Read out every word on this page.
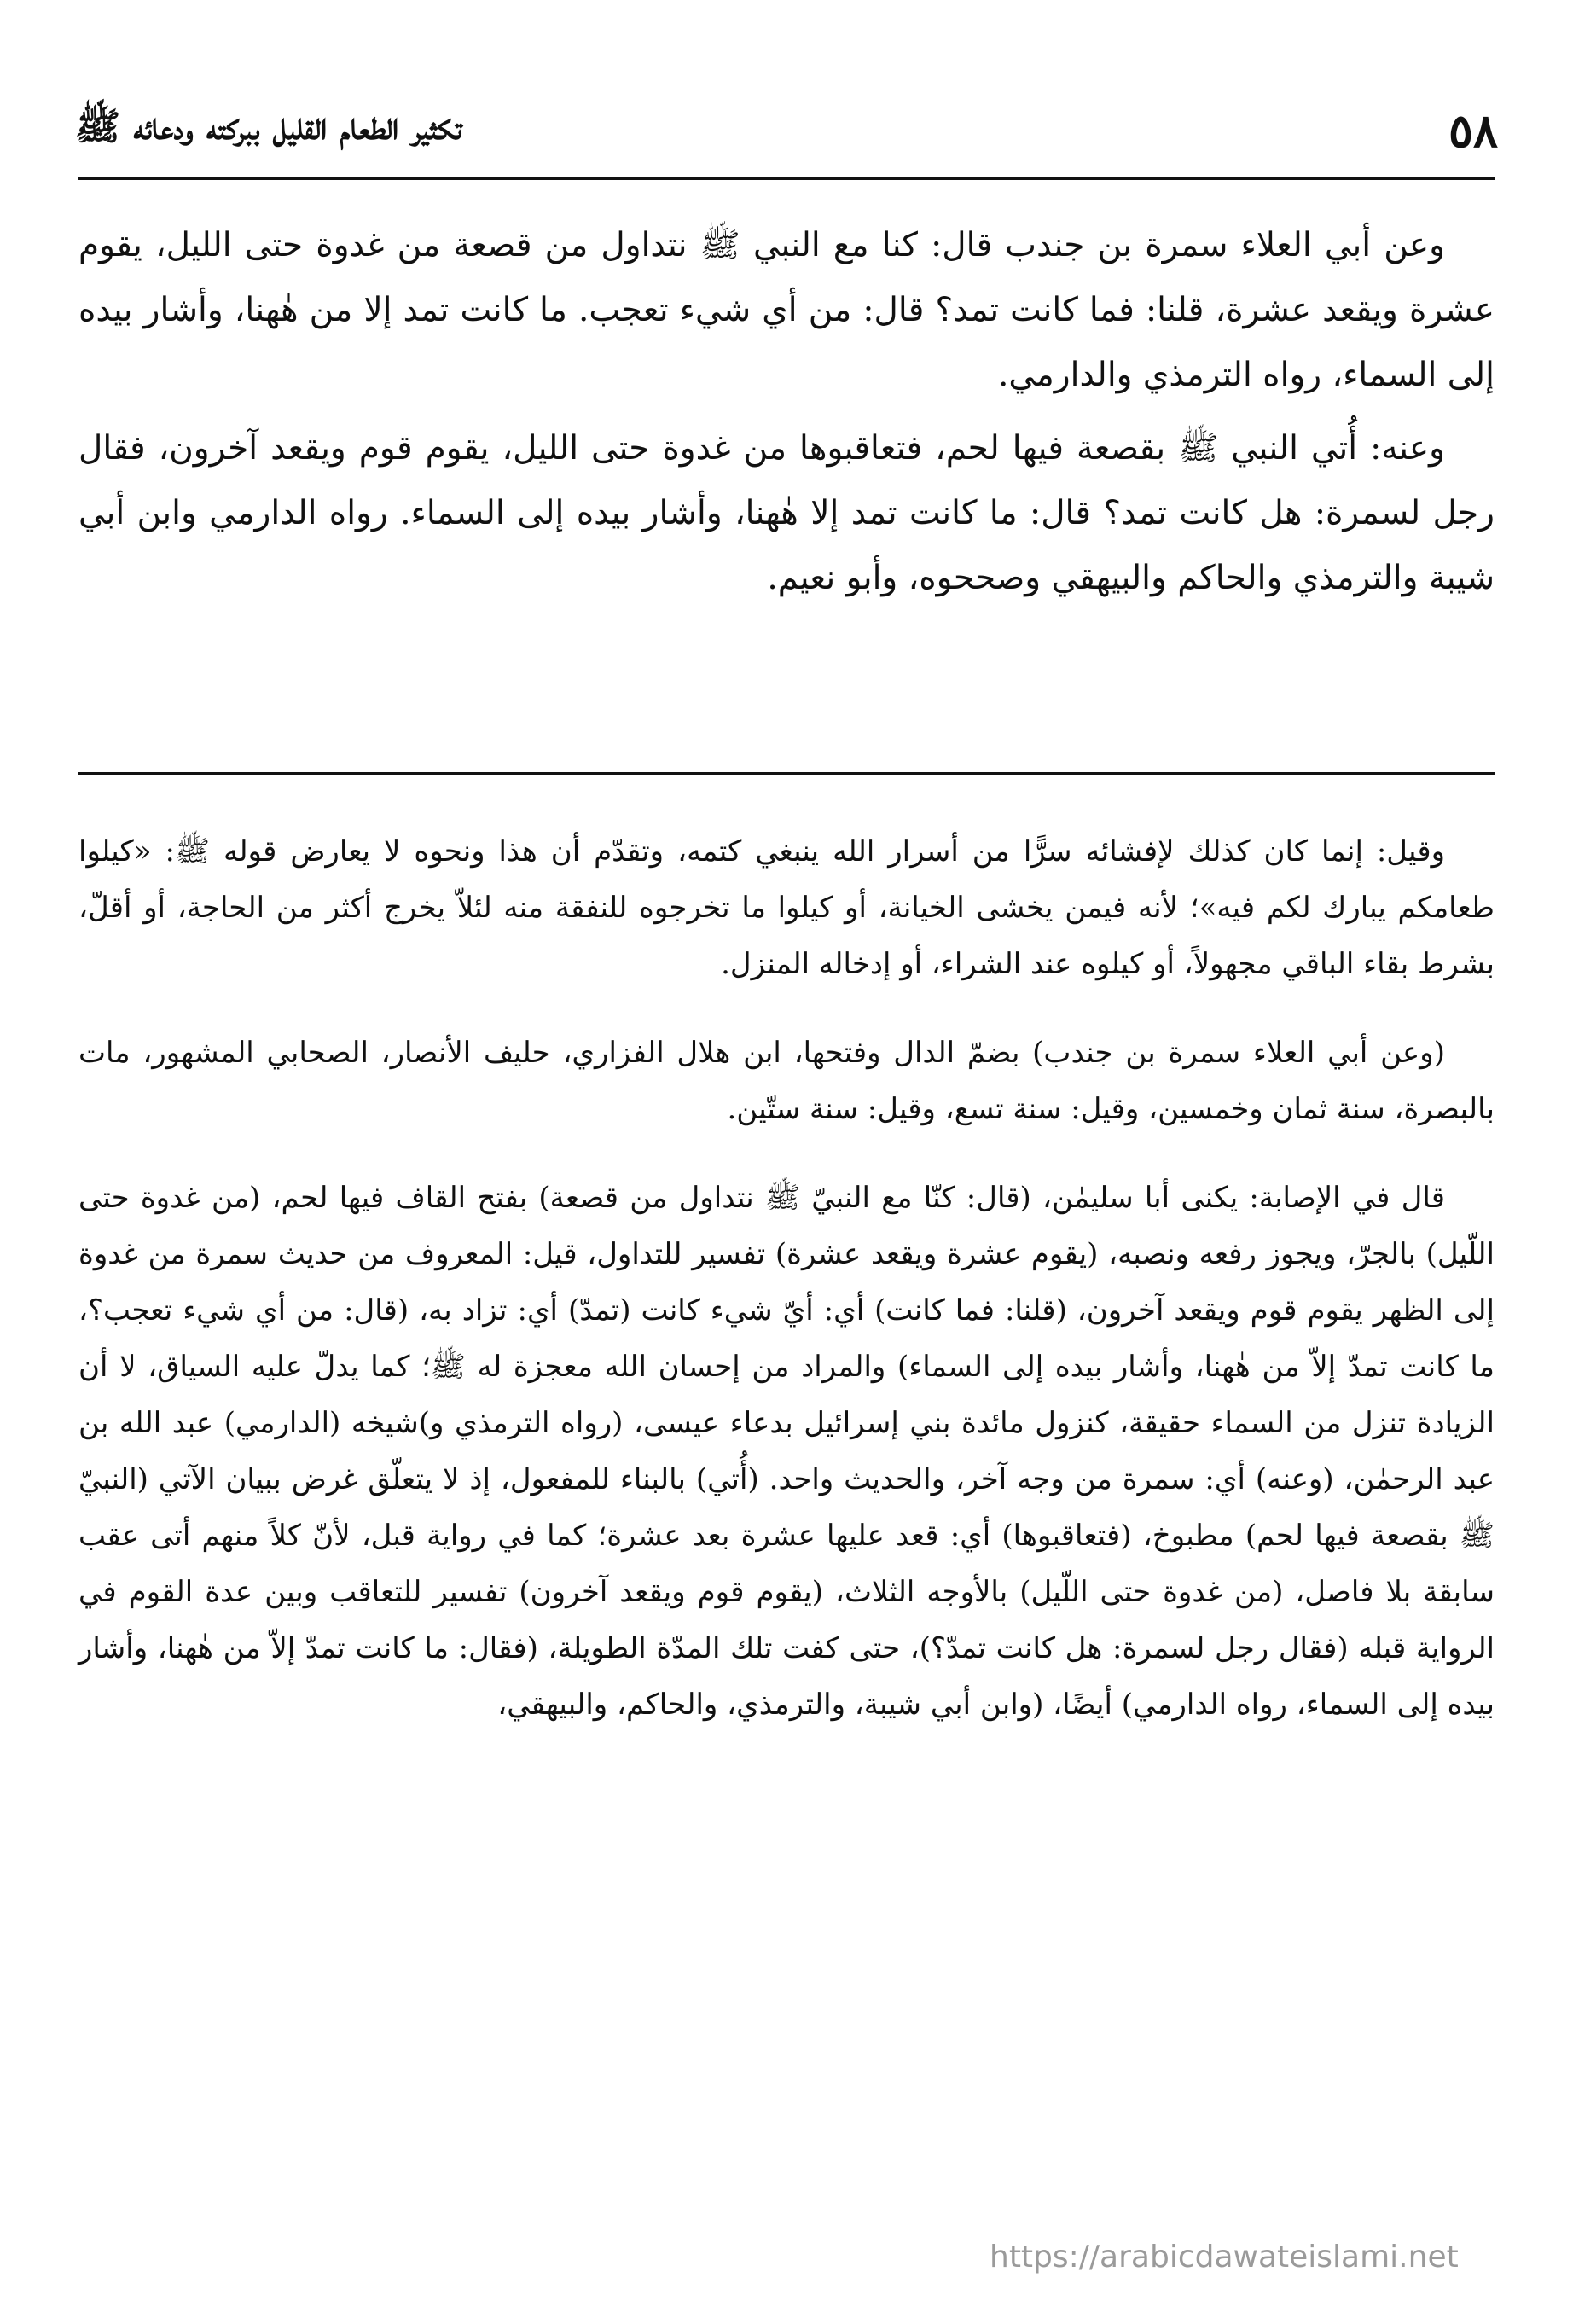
٥٨
تكثير الطعام القليل ببركته ودعائه ﷺ

وعن أبي العلاء سمرة بن جندب قال: كنا مع النبي ﷺ نتداول من قصعة من غدوة حتى الليل، يقوم عشرة ويقعد عشرة، قلنا: فما كانت تمد؟ قال: من أي شيء تعجب. ما كانت تمد إلا من هٰهنا، وأشار بيده إلى السماء، رواه الترمذي والدارمي.

وعنه: أُتي النبي ﷺ بقصعة فيها لحم، فتعاقبوها من غدوة حتى الليل، يقوم قوم ويقعد آخرون، فقال رجل لسمرة: هل كانت تمد؟ قال: ما كانت تمد إلا هٰهنا، وأشار بيده إلى السماء. رواه الدارمي وابن أبي شيبة والترمذي والحاكم والبيهقي وصححوه، وأبو نعيم.

وقيل: إنما كان كذلك لإفشائه سرًّا من أسرار الله ينبغي كتمه، وتقدّم أن هذا ونحوه لا يعارض قوله ﷺ: «كيلوا طعامكم يبارك لكم فيه»؛ لأنه فيمن يخشى الخيانة، أو كيلوا ما تخرجوه للنفقة منه لئلاّ يخرج أكثر من الحاجة، أو أقلّ، بشرط بقاء الباقي مجهولاً، أو كيلوه عند الشراء، أو إدخاله المنزل.

(وعن أبي العلاء سمرة بن جندب) بضمّ الدال وفتحها، ابن هلال الفزاري، حليف الأنصار، الصحابي المشهور، مات بالبصرة، سنة ثمان وخمسين، وقيل: سنة تسع، وقيل: سنة ستّين.

قال في الإصابة: يكنى أبا سليمٰن، (قال: كنّا مع النبيّ ﷺ نتداول من قصعة) بفتح القاف فيها لحم، (من غدوة حتى اللّيل) بالجرّ، ويجوز رفعه ونصبه، (يقوم عشرة ويقعد عشرة) تفسير للتداول، قيل: المعروف من حديث سمرة من غدوة إلى الظهر يقوم قوم ويقعد آخرون، (قلنا: فما كانت) أي: أيّ شيء كانت (تمدّ) أي: تزاد به، (قال: من أي شيء تعجب؟، ما كانت تمدّ إلاّ من هٰهنا، وأشار بيده إلى السماء) والمراد من إحسان الله معجزة له ﷺ؛ كما يدلّ عليه السياق، لا أن الزيادة تنزل من السماء حقيقة، كنزول مائدة بني إسرائيل بدعاء عيسى، (رواه الترمذي و)شيخه (الدارمي) عبد الله بن عبد الرحمٰن، (وعنه) أي: سمرة من وجه آخر، والحديث واحد. (أُتي) بالبناء للمفعول، إذ لا يتعلّق غرض ببيان الآتي (النبيّ ﷺ بقصعة فيها لحم) مطبوخ، (فتعاقبوها) أي: قعد عليها عشرة بعد عشرة؛ كما في رواية قبل، لأنّ كلاً منهم أتى عقب سابقة بلا فاصل، (من غدوة حتى اللّيل) بالأوجه الثلاث، (يقوم قوم ويقعد آخرون) تفسير للتعاقب وبين عدة القوم في الرواية قبله (فقال رجل لسمرة: هل كانت تمدّ؟)، حتى كفت تلك المدّة الطويلة، (فقال: ما كانت تمدّ إلاّ من هٰهنا، وأشار بيده إلى السماء، رواه الدارمي) أيضًا، (وابن أبي شيبة، والترمذي، والحاكم، والبيهقي،

https://arabicdawateislami.net
